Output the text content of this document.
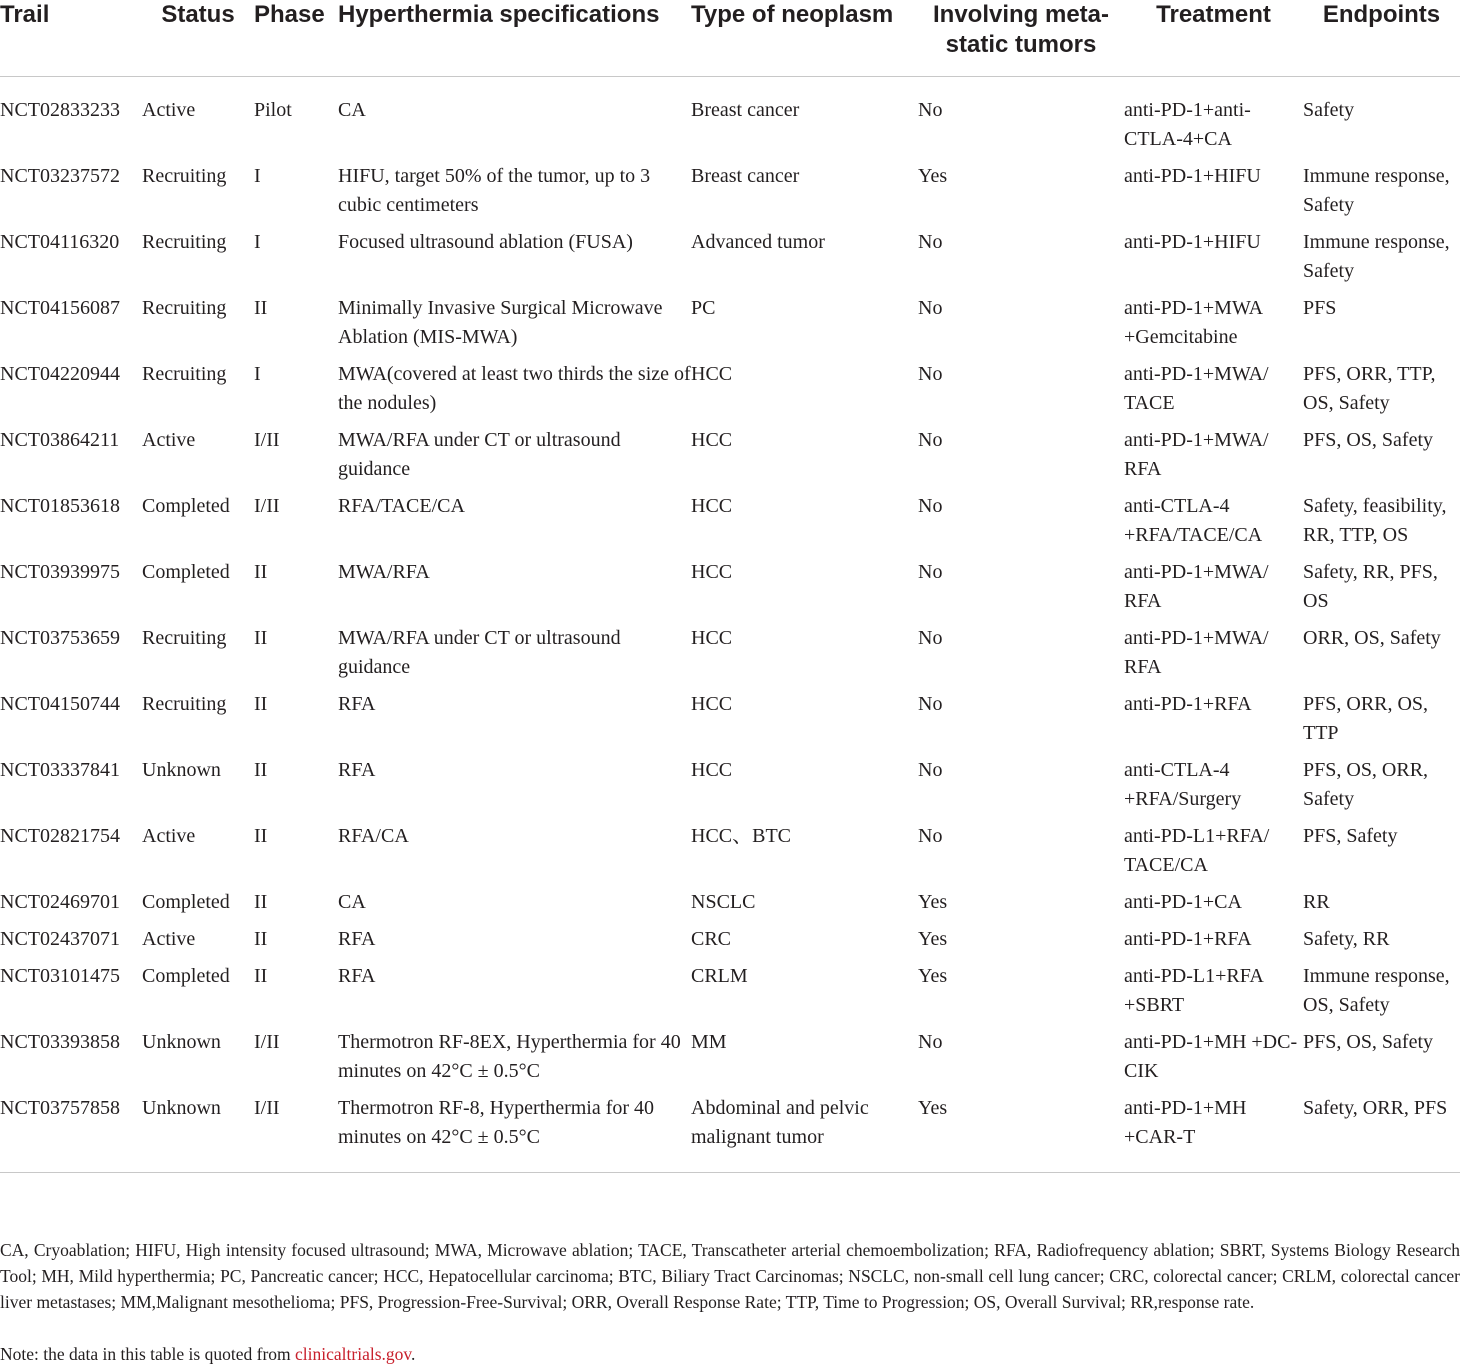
Trail	Status	Phase	Hyperthermia specifications	Type of neoplasm	Involving meta-
static tumors	Treatment	Endpoints
NCT02833233	Active	Pilot	CA	Breast cancer	No	anti-PD-1+anti-CTLA-4+CA	Safety
NCT03237572	Recruiting	I	HIFU, target 50% of the tumor, up to 3 cubic centimeters	Breast cancer	Yes	anti-PD-1+HIFU	Immune response, Safety
NCT04116320	Recruiting	I	Focused ultrasound ablation (FUSA)	Advanced tumor	No	anti-PD-1+HIFU	Immune response, Safety
NCT04156087	Recruiting	II	Minimally Invasive Surgical Microwave Ablation (MIS-MWA)	PC	No	anti-PD-1+MWA +Gemcitabine	PFS
NCT04220944	Recruiting	I	MWA(covered at least two thirds the size of the nodules)	HCC	No	anti-PD-1+MWA/ TACE	PFS, ORR, TTP, OS, Safety
NCT03864211	Active	I/II	MWA/RFA under CT or ultrasound guidance	HCC	No	anti-PD-1+MWA/ RFA	PFS, OS, Safety
NCT01853618	Completed	I/II	RFA/TACE/CA	HCC	No	anti-CTLA-4 +RFA/TACE/CA	Safety, feasibility, RR, TTP, OS
NCT03939975	Completed	II	MWA/RFA	HCC	No	anti-PD-1+MWA/ RFA	Safety, RR, PFS, OS
NCT03753659	Recruiting	II	MWA/RFA under CT or ultrasound guidance	HCC	No	anti-PD-1+MWA/ RFA	ORR, OS, Safety
NCT04150744	Recruiting	II	RFA	HCC	No	anti-PD-1+RFA	PFS, ORR, OS, TTP
NCT03337841	Unknown	II	RFA	HCC	No	anti-CTLA-4 +RFA/Surgery	PFS, OS, ORR, Safety
NCT02821754	Active	II	RFA/CA	HCC、BTC	No	anti-PD-L1+RFA/ TACE/CA	PFS, Safety
NCT02469701	Completed	II	CA	NSCLC	Yes	anti-PD-1+CA	RR
NCT02437071	Active	II	RFA	CRC	Yes	anti-PD-1+RFA	Safety, RR
NCT03101475	Completed	II	RFA	CRLM	Yes	anti-PD-L1+RFA +SBRT	Immune response, OS, Safety
NCT03393858	Unknown	I/II	Thermotron RF-8EX, Hyperthermia for 40 minutes on 42°C ± 0.5°C	MM	No	anti-PD-1+MH +DC-CIK	PFS, OS, Safety
NCT03757858	Unknown	I/II	Thermotron RF-8, Hyperthermia for 40 minutes on 42°C ± 0.5°C	Abdominal and pelvic malignant tumor	Yes	anti-PD-1+MH +CAR-T	Safety, ORR, PFS

CA, Cryoablation; HIFU, High intensity focused ultrasound; MWA, Microwave ablation; TACE, Transcatheter arterial chemoembolization; RFA, Radiofrequency ablation; SBRT, Systems Biology Research Tool; MH, Mild hyperthermia; PC, Pancreatic cancer; HCC, Hepatocellular carcinoma; BTC, Biliary Tract Carcinomas; NSCLC, non-small cell lung cancer; CRC, colorectal cancer; CRLM, colorectal cancer liver metastases; MM,Malignant mesothelioma; PFS, Progression-Free-Survival; ORR, Overall Response Rate; TTP, Time to Progression; OS, Overall Survival; RR,response rate.

Note: the data in this table is quoted from clinicaltrials.gov.
